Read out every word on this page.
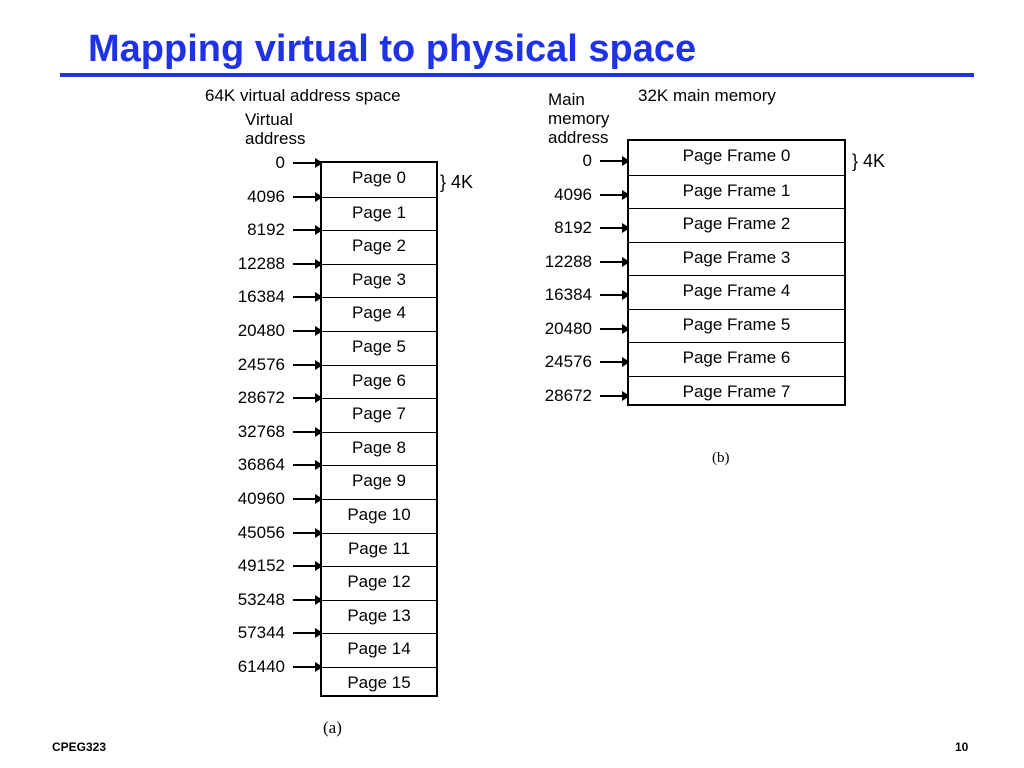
Mapping virtual to physical space
64K virtual address space
Virtual
address
0
4096
8192
12288
16384
20480
24576
28672
32768
36864
40960
45056
49152
53248
57344
61440
Page 0
Page 1
Page 2
Page 3
Page 4
Page 5
Page 6
Page 7
Page 8
Page 9
Page 10
Page 11
Page 12
Page 13
Page 14
Page 15
} 4K
(a)
Main
memory
address
32K main memory
0
4096
8192
12288
16384
20480
24576
28672
Page Frame 0
Page Frame 1
Page Frame 2
Page Frame 3
Page Frame 4
Page Frame 5
Page Frame 6
Page Frame 7
} 4K
(b)
CPEG323	10
